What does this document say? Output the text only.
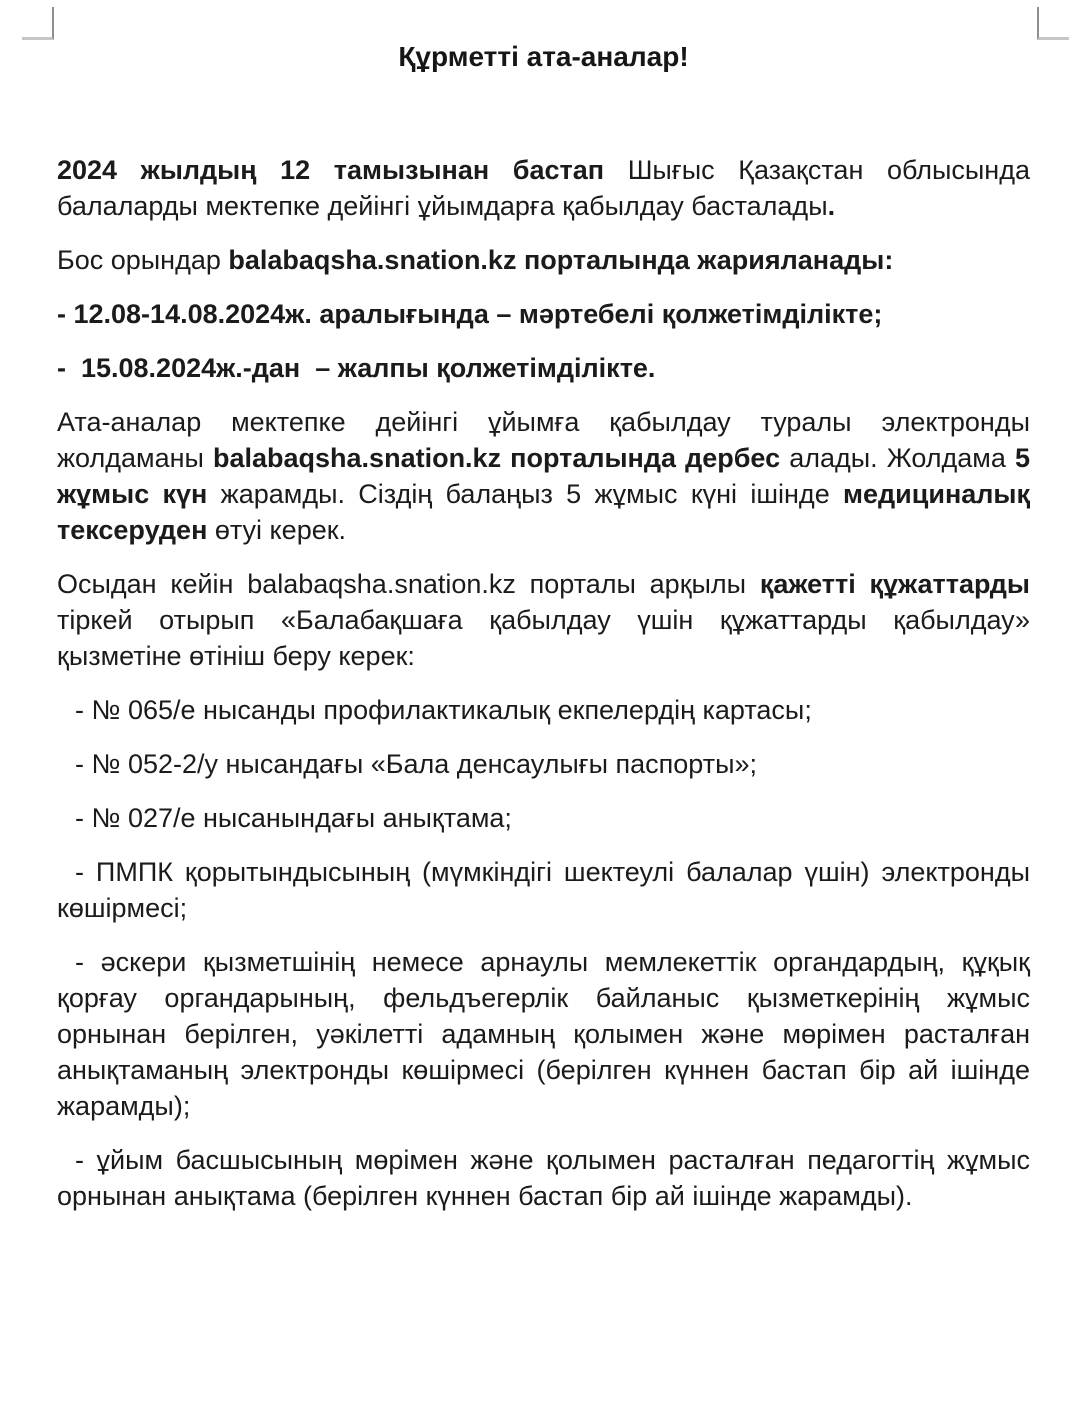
Құрметті ата-аналар!

2024 жылдың 12 тамызынан бастап Шығыс Қазақстан облысында балаларды мектепке дейінгі ұйымдарға қабылдау басталады.

Бос орындар balabaqsha.snation.kz порталында жарияланады:

- 12.08-14.08.2024ж. аралығында – мәртебелі қолжетімділікте;

-  15.08.2024ж.-дан  – жалпы қолжетімділікте.

Ата-аналар мектепке дейінгі ұйымға қабылдау туралы электронды жолдаманы balabaqsha.snation.kz порталында дербес алады. Жолдама 5 жұмыс күн жарамды. Сіздің балаңыз 5 жұмыс күні ішінде медициналық тексеруден өтуі керек.

Осыдан кейін balabaqsha.snation.kz порталы арқылы қажетті құжаттарды тіркей отырып «Балабақшаға қабылдау үшін құжаттарды қабылдау» қызметіне өтініш беру керек:

- № 065/е нысанды профилактикалық екпелердің картасы;

- № 052-2/у нысандағы «Бала денсаулығы паспорты»;

- № 027/е нысанындағы анықтама;

- ПМПК қорытындысының (мүмкіндігі шектеулі балалар үшін) электронды көшірмесі;

- әскери қызметшінің немесе арнаулы мемлекеттік органдардың, құқық қорғау органдарының, фельдъегерлік байланыс қызметкерінің жұмыс орнынан берілген, уәкілетті адамның қолымен және мөрімен расталған анықтаманың электронды көшірмесі (берілген күннен бастап бір ай ішінде жарамды);

- ұйым басшысының мөрімен және қолымен расталған педагогтің жұмыс орнынан анықтама (берілген күннен бастап бір ай ішінде жарамды).
